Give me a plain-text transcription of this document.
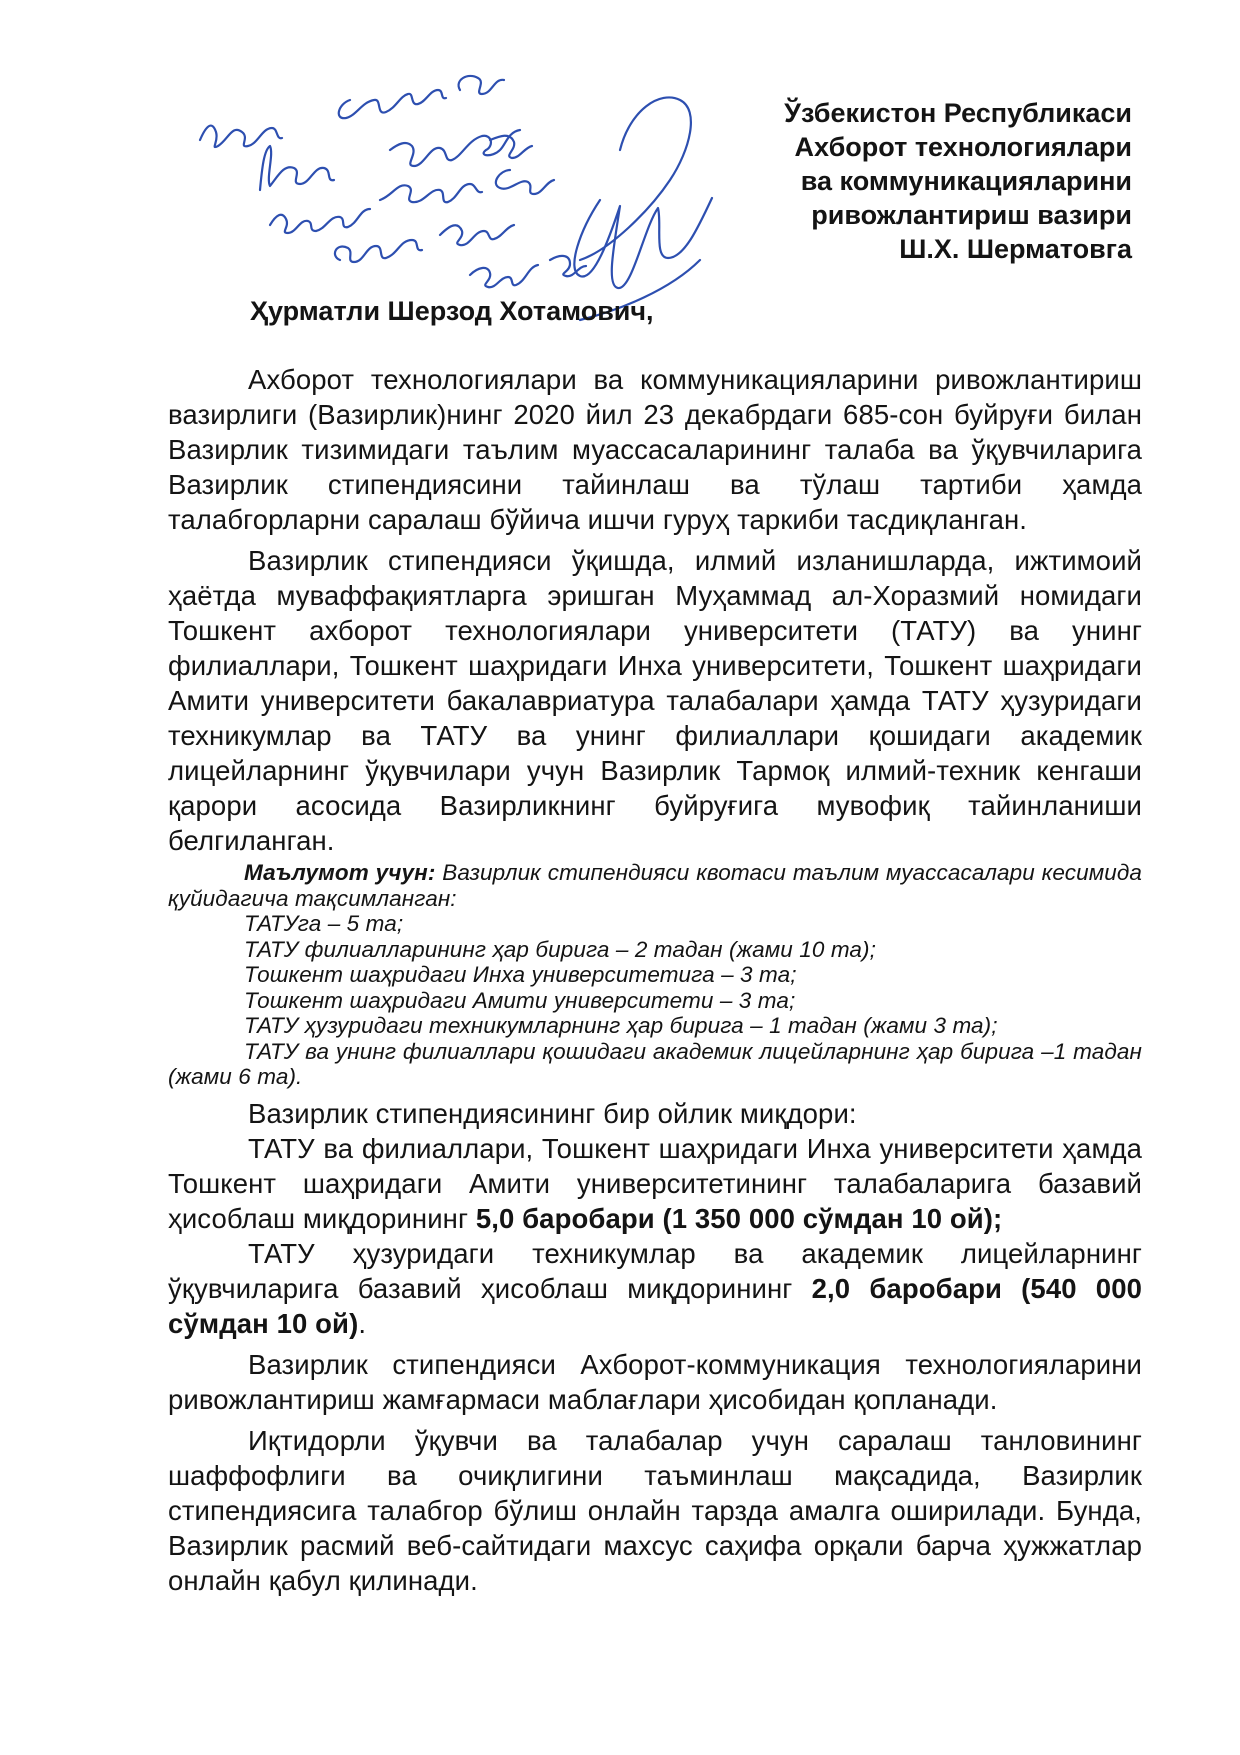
Ўзбекистон Республикаси
Ахборот технологиялари
ва коммуникацияларини
ривожлантириш вазири
Ш.Х. Шерматовга
Ҳурматли Шерзод Хотамович,

Ахборот технологиялари ва коммуникацияларини ривожлантириш вазирлиги (Вазирлик)нинг 2020 йил 23 декабрдаги 685-сон буйруғи билан Вазирлик тизимидаги таълим муассасаларининг талаба ва ўқувчиларига Вазирлик стипендиясини тайинлаш ва тўлаш тартиби ҳамда талабгорларни саралаш бўйича ишчи гуруҳ таркиби тасдиқланган.

Вазирлик стипендияси ўқишда, илмий изланишларда, ижтимоий ҳаётда муваффақиятларга эришган Муҳаммад ал-Хоразмий номидаги Тошкент ахборот технологиялари университети (ТАТУ) ва унинг филиаллари, Тошкент шаҳридаги Инха университети, Тошкент шаҳридаги Амити университети бакалавриатура талабалари ҳамда ТАТУ ҳузуридаги техникумлар ва ТАТУ ва унинг филиаллари қошидаги академик лицейларнинг ўқувчилари учун Вазирлик Тармоқ илмий-техник кенгаши қарори асосида Вазирликнинг буйруғига мувофиқ тайинланиши белгиланган.

Маълумот учун: Вазирлик стипендияси квотаси таълим муассасалари кесимида қуйидагича тақсимланган:

ТАТУга – 5 та;

ТАТУ филиалларининг ҳар бирига – 2 тадан (жами 10 та);

Тошкент шаҳридаги Инха университетига – 3 та;

Тошкент шаҳридаги Амити университети – 3 та;

ТАТУ ҳузуридаги техникумларнинг ҳар бирига – 1 тадан (жами 3 та);

ТАТУ ва унинг филиаллари қошидаги академик лицейларнинг ҳар бирига –1 тадан (жами 6 та).

Вазирлик стипендиясининг бир ойлик миқдори:

ТАТУ ва филиаллари, Тошкент шаҳридаги Инха университети ҳамда Тошкент шаҳридаги Амити университетининг талабаларига базавий ҳисоблаш миқдорининг 5,0 баробари (1 350 000 сўмдан 10 ой);

ТАТУ ҳузуридаги техникумлар ва академик лицейларнинг ўқувчиларига базавий ҳисоблаш миқдорининг 2,0 баробари (540 000 сўмдан 10 ой).

Вазирлик стипендияси Ахборот-коммуникация технологияларини ривожлантириш жамғармаси маблағлари ҳисобидан қопланади.

Иқтидорли ўқувчи ва талабалар учун саралаш танловининг шаффофлиги ва очиқлигини таъминлаш мақсадида, Вазирлик стипендиясига талабгор бўлиш онлайн тарзда амалга оширилади. Бунда, Вазирлик расмий веб-сайтидаги махсус саҳифа орқали барча ҳужжатлар онлайн қабул қилинади.
